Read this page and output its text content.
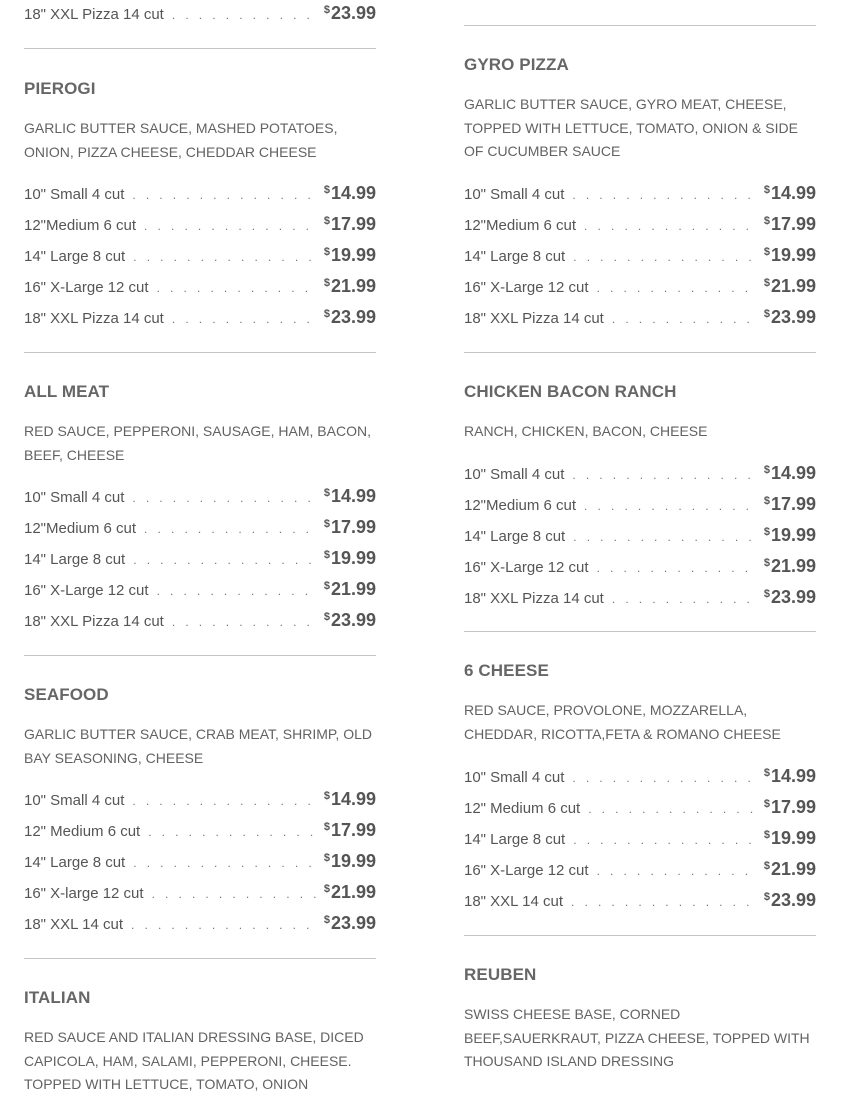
18" XXL Pizza 14 cut . . .	$23.99
PIEROGI
GARLIC BUTTER SAUCE, MASHED POTATOES, ONION, PIZZA CHEESE, CHEDDAR CHEESE
10" Small 4 cut . . .	$14.99
12"Medium 6 cut . . .	$17.99
14" Large 8 cut . . .	$19.99
16" X-Large 12 cut . . .	$21.99
18" XXL Pizza 14 cut . . .	$23.99
ALL MEAT
RED SAUCE, PEPPERONI, SAUSAGE, HAM, BACON, BEEF, CHEESE
10" Small 4 cut . . .	$14.99
12"Medium 6 cut . . .	$17.99
14" Large 8 cut . . .	$19.99
16" X-Large 12 cut . . .	$21.99
18" XXL Pizza 14 cut . . .	$23.99
SEAFOOD
GARLIC BUTTER SAUCE, CRAB MEAT, SHRIMP, OLD BAY SEASONING, CHEESE
10" Small 4 cut . . .	$14.99
12" Medium 6 cut . . .	$17.99
14" Large 8 cut . . .	$19.99
16" X-large 12 cut . . .	$21.99
18" XXL 14 cut . . .	$23.99
ITALIAN
RED SAUCE AND ITALIAN DRESSING BASE, DICED CAPICOLA, HAM, SALAMI, PEPPERONI, CHEESE. TOPPED WITH LETTUCE, TOMATO, ONION
GYRO PIZZA
GARLIC BUTTER SAUCE, GYRO MEAT, CHEESE, TOPPED WITH LETTUCE, TOMATO, ONION & SIDE OF CUCUMBER SAUCE
10" Small 4 cut . . .	$14.99
12"Medium 6 cut . . .	$17.99
14" Large 8 cut . . .	$19.99
16" X-Large 12 cut . . .	$21.99
18" XXL Pizza 14 cut . . .	$23.99
CHICKEN BACON RANCH
RANCH, CHICKEN, BACON, CHEESE
10" Small 4 cut . . .	$14.99
12"Medium 6 cut . . .	$17.99
14" Large 8 cut . . .	$19.99
16" X-Large 12 cut . . .	$21.99
18" XXL Pizza 14 cut . . .	$23.99
6 CHEESE
RED SAUCE, PROVOLONE, MOZZARELLA, CHEDDAR, RICOTTA,FETA & ROMANO CHEESE
10" Small 4 cut . . .	$14.99
12" Medium 6 cut . . .	$17.99
14" Large 8 cut . . .	$19.99
16" X-Large 12 cut . . .	$21.99
18" XXL 14 cut . . .	$23.99
REUBEN
SWISS CHEESE BASE, CORNED BEEF,SAUERKRAUT, PIZZA CHEESE, TOPPED WITH THOUSAND ISLAND DRESSING
